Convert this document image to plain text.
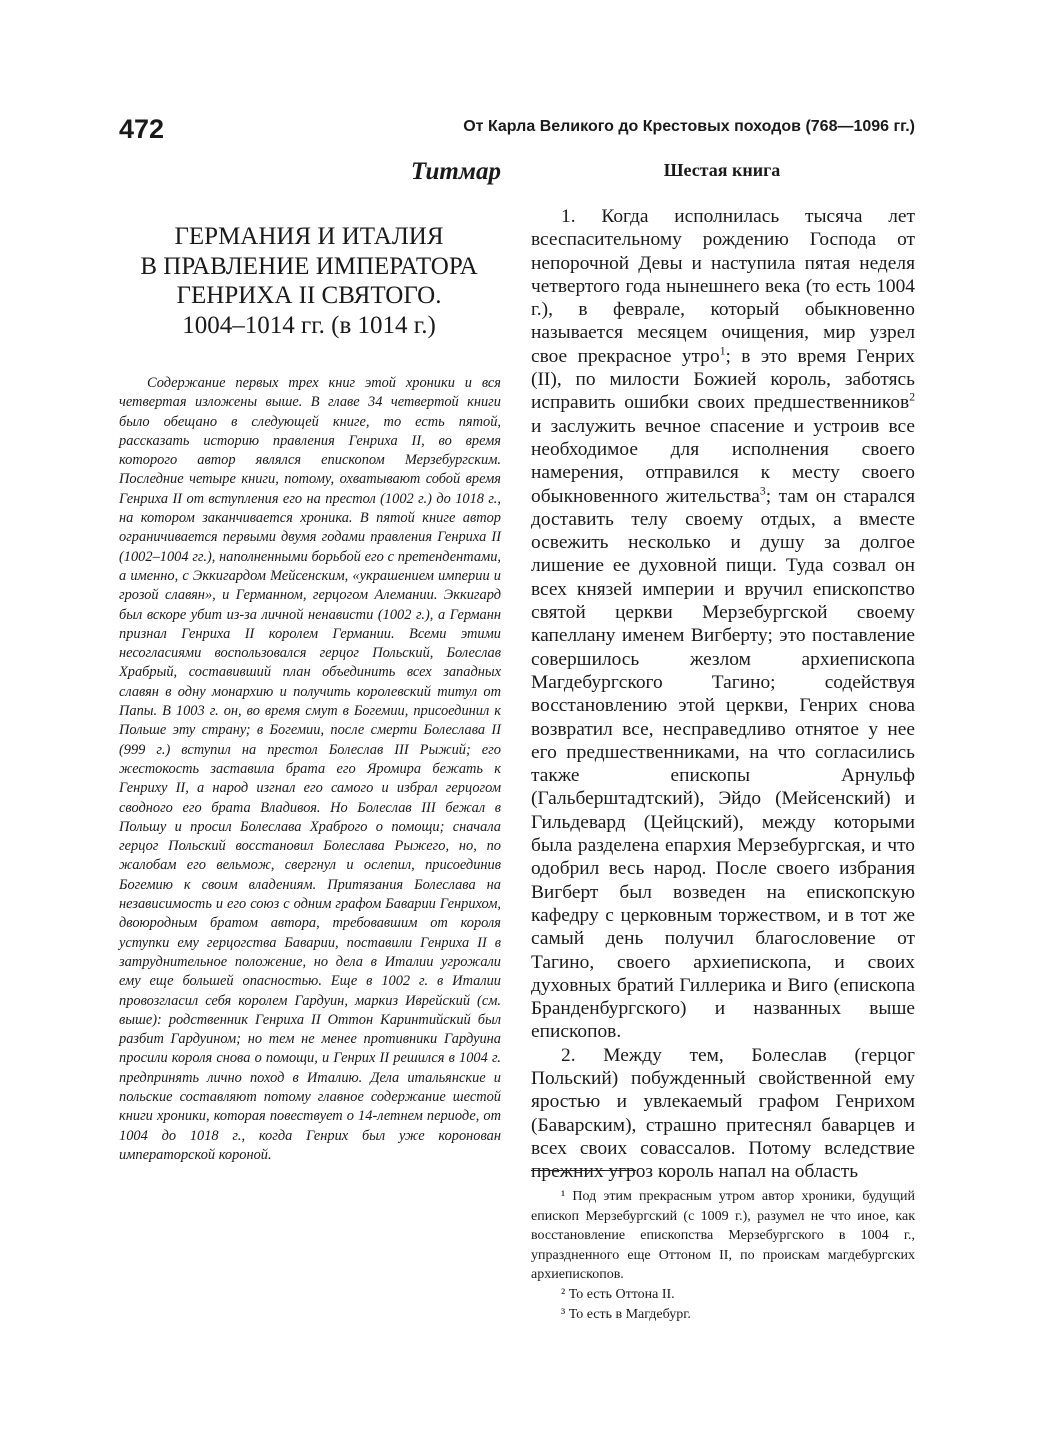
472	От Карла Великого до Крестовых походов (768—1096 гг.)
Титмар	Шестая книга
ГЕРМАНИЯ И ИТАЛИЯ
В ПРАВЛЕНИЕ ИМПЕРАТОРА
ГЕНРИХА II СВЯТОГО.
1004–1014 гг. (в 1014 г.)

Содержание первых трех книг этой хроники и вся четвертая изложены выше. В главе 34 четвертой книги было обещано в следующей книге, то есть пятой, рассказать историю правления Генриха II, во время которого автор являлся епископом Мерзебургским. Последние четыре книги, потому, охватывают собой время Генриха II от вступления его на престол (1002 г.) до 1018 г., на котором заканчивается хроника. В пятой книге автор ограничивается первыми двумя годами правления Генриха II (1002–1004 гг.), наполненными борьбой его с претендентами, а именно, с Эккигардом Мейсенским, «украшением империи и грозой славян», и Германном, герцогом Алемании. Эккигард был вскоре убит из-за личной ненависти (1002 г.), а Германн признал Генриха II королем Германии. Всеми этими несогласиями воспользовался герцог Польский, Болеслав Храбрый, составивший план объединить всех западных славян в одну монархию и получить королевский титул от Папы. В 1003 г. он, во время смут в Богемии, присоединил к Польше эту страну; в Богемии, после смерти Болеслава II (999 г.) вступил на престол Болеслав III Рыжий; его жестокость заставила брата его Яромира бежать к Генриху II, а народ изгнал его самого и избрал герцогом сводного его брата Владивоя. Но Болеслав III бежал в Польшу и просил Болеслава Храброго о помощи; сначала герцог Польский восстановил Болеслава Рыжего, но, по жалобам его вельмож, свергнул и ослепил, присоединив Богемию к своим владениям. Притязания Болеслава на независимость и его союз с одним графом Баварии Генрихом, двоюродным братом автора, требовавшим от короля уступки ему герцогства Баварии, поставили Генриха II в затруднительное положение, но дела в Италии угрожали ему еще большей опасностью. Еще в 1002 г. в Италии провозгласил себя королем Гардуин, маркиз Иврейский (см. выше): родственник Генриха II Оттон Каринтийский был разбит Гардуином; но тем не менее противники Гардуина просили короля снова о помощи, и Генрих II решился в 1004 г. предпринять лично поход в Италию. Дела итальянские и польские составляют потому главное содержание шестой книги хроники, которая повествует о 14-летнем периоде, от 1004 до 1018 г., когда Генрих был уже коронован императорской короной.

1. Когда исполнилась тысяча лет всеспасительному рождению Господа от непорочной Девы и наступила пятая неделя четвертого года нынешнего века (то есть 1004 г.), в феврале, который обыкновенно называется месяцем очищения, мир узрел свое прекрасное утро$^1$; в это время Генрих (II), по милости Божией король, заботясь исправить ошибки своих предшественников$^2$ и заслужить вечное спасение и устроив все необходимое для исполнения своего намерения, отправился к месту своего обыкновенного жительства$^3$; там он старался доставить телу своему отдых, а вместе освежить несколько и душу за долгое лишение ее духовной пищи. Туда созвал он всех князей империи и вручил епископство святой церкви Мерзебургской своему капеллану именем Вигберту; это поставление совершилось жезлом архиепископа Магдебургского Тагино; содействуя восстановлению этой церкви, Генрих снова возвратил все, несправедливо отнятое у нее его предшественниками, на что согласились также епископы Арнульф (Гальберштадтский), Эйдо (Мейсенский) и Гильдевард (Цейцский), между которыми была разделена епархия Мерзебургская, и что одобрил весь народ. После своего избрания Вигберт был возведен на епископскую кафедру с церковным торжеством, и в тот же самый день получил благословение от Тагино, своего архиепископа, и своих духовных братий Гиллерика и Виго (епископа Бранденбургского) и названных выше епископов.

2. Между тем, Болеслав (герцог Польский) побужденный свойственной ему яростью и увлекаемый графом Генрихом (Баварским), страшно притеснял баварцев и всех своих совассалов. Потому вследствие прежних угроз король напал на область

¹ Под этим прекрасным утром автор хроники, будущий епископ Мерзебургский (с 1009 г.), разумел не что иное, как восстановление епископства Мерзебургского в 1004 г., упраздненного еще Оттоном II, по проискам магдебургских архиепископов.

² То есть Оттона II.

³ То есть в Магдебург.
